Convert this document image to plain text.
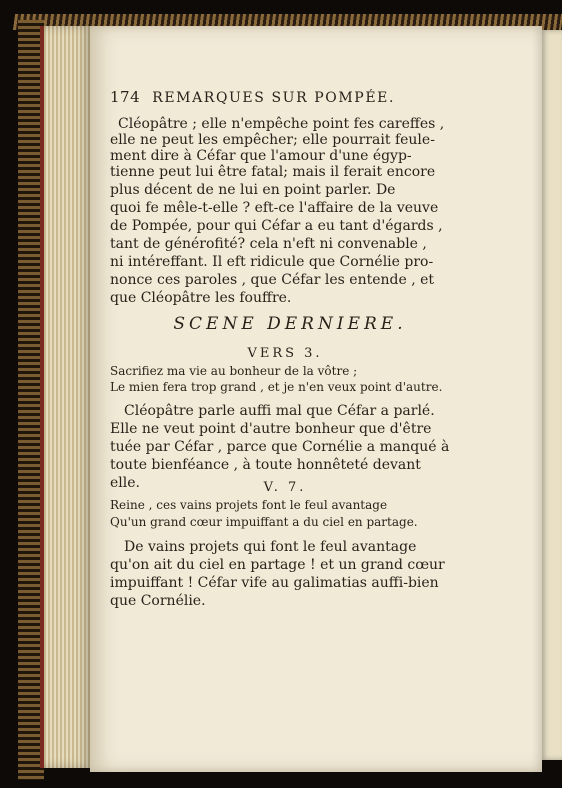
174 REMARQUES SUR POMPÉE.
Cléopâtre ; elle n'empêche point fes careffes ,
elle ne peut les empêcher; elle pourrait feule-
ment dire à Céfar que l'amour d'une égyp-
tienne peut lui être fatal; mais il ferait encore
plus décent de ne lui en point parler. De
quoi fe mêle-t-elle ? eft-ce l'affaire de la veuve
de Pompée, pour qui Céfar a eu tant d'égards ,
tant de générofité? cela n'eft ni convenable ,
ni intéreffant. Il eft ridicule que Cornélie pro-
nonce ces paroles , que Céfar les entende , et
que Cléopâtre les fouffre.
SCENE DERNIERE.
VERS 3.
Sacrifiez ma vie au bonheur de la vôtre ;
Le mien fera trop grand , et je n'en veux point d'autre.
Cléopâtre parle auffi mal que Céfar a parlé.
Elle ne veut point d'autre bonheur que d'être
tuée par Céfar , parce que Cornélie a manqué à
toute bienféance , à toute honnêteté devant
elle.	V. 7.
Reine , ces vains projets font le feul avantage
Qu'un grand cœur impuiffant a du ciel en partage.
De vains projets qui font le feul avantage
qu'on ait du ciel en partage ! et un grand cœur
impuiffant ! Céfar vife au galimatias auffi-bien
que Cornélie.
